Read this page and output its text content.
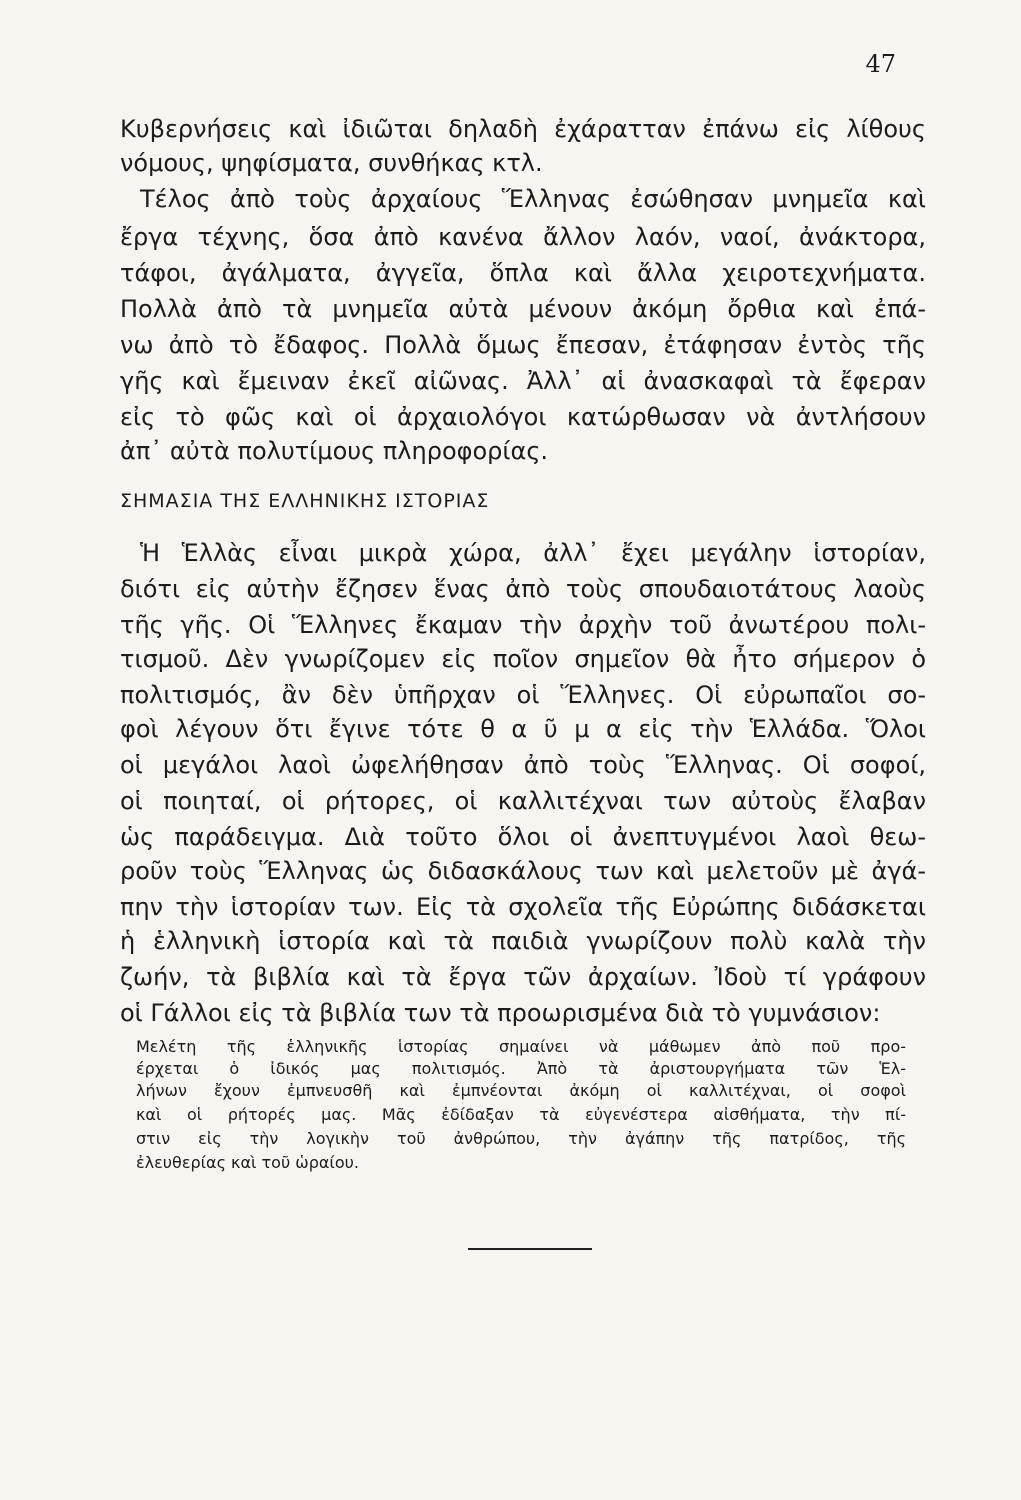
47
Κυβερνήσεις καὶ ἰδιῶται δηλαδὴ ἐχάρατταν ἐπάνω εἰς λίθους
νόμους, ψηφίσματα, συνθήκας κτλ.
Τέλος ἀπὸ τοὺς ἀρχαίους Ἕλληνας ἐσώθησαν μνημεῖα καὶ
ἔργα τέχνης, ὅσα ἀπὸ κανένα ἄλλον λαόν, ναοί, ἀνάκτορα,
τάφοι, ἀγάλματα, ἀγγεῖα, ὅπλα καὶ ἄλλα χειροτεχνήματα.
Πολλὰ ἀπὸ τὰ μνημεῖα αὐτὰ μένουν ἀκόμη ὄρθια καὶ ἐπά-
νω ἀπὸ τὸ ἔδαφος. Πολλὰ ὅμως ἔπεσαν, ἐτάφησαν ἐντὸς τῆς
γῆς καὶ ἔμειναν ἐκεῖ αἰῶνας. Ἀλλ᾿ αἱ ἀνασκαφαὶ τὰ ἔφεραν
εἰς τὸ φῶς καὶ οἱ ἀρχαιολόγοι κατώρθωσαν νὰ ἀντλήσουν
ἀπ᾿ αὐτὰ πολυτίμους πληροφορίας.
ΣΗΜΑΣΙΑ ΤΗΣ ΕΛΛΗΝΙΚΗΣ ΙΣΤΟΡΙΑΣ
Ἡ Ἑλλὰς εἶναι μικρὰ χώρα, ἀλλ᾿ ἔχει μεγάλην ἱστορίαν,
διότι εἰς αὐτὴν ἔζησεν ἕνας ἀπὸ τοὺς σπουδαιοτάτους λαοὺς
τῆς γῆς. Οἱ Ἕλληνες ἔκαμαν τὴν ἀρχὴν τοῦ ἀνωτέρου πολι-
τισμοῦ. Δὲν γνωρίζομεν εἰς ποῖον σημεῖον θὰ ἦτο σήμερον ὁ
πολιτισμός, ἂν δὲν ὑπῆρχαν οἱ Ἕλληνες. Οἱ εὐρωπαῖοι σο-
φοὶ λέγουν ὅτι ἔγινε τότε θ α ῦ μ α εἰς τὴν Ἑλλάδα. Ὅλοι
οἱ μεγάλοι λαοὶ ὠφελήθησαν ἀπὸ τοὺς Ἕλληνας. Οἱ σοφοί,
οἱ ποιηταί, οἱ ρήτορες, οἱ καλλιτέχναι των αὐτοὺς ἔλαβαν
ὡς παράδειγμα. Διὰ τοῦτο ὅλοι οἱ ἀνεπτυγμένοι λαοὶ θεω-
ροῦν τοὺς Ἕλληνας ὡς διδασκάλους των καὶ μελετοῦν μὲ ἀγά-
πην τὴν ἱστορίαν των. Εἰς τὰ σχολεῖα τῆς Εὐρώπης διδάσκεται
ἡ ἑλληνικὴ ἱστορία καὶ τὰ παιδιὰ γνωρίζουν πολὺ καλὰ τὴν
ζωήν, τὰ βιβλία καὶ τὰ ἔργα τῶν ἀρχαίων. Ἰδοὺ τί γράφουν
οἱ Γάλλοι εἰς τὰ βιβλία των τὰ προωρισμένα διὰ τὸ γυμνάσιον:
Μελέτη τῆς ἑλληνικῆς ἱστορίας σημαίνει νὰ μάθωμεν ἀπὸ ποῦ προ-
έρχεται ὁ ἰδικός μας πολιτισμός. Ἀπὸ τὰ ἀριστουργήματα τῶν Ἑλ-
λήνων ἔχουν ἐμπνευσθῆ καὶ ἐμπνέονται ἀκόμη οἱ καλλιτέχναι, οἱ σοφοὶ
καὶ οἱ ρήτορές μας. Μᾶς ἐδίδαξαν τὰ εὐγενέστερα αἰσθήματα, τὴν πί-
στιν εἰς τὴν λογικὴν τοῦ ἀνθρώπου, τὴν ἀγάπην τῆς πατρίδος, τῆς
ἐλευθερίας καὶ τοῦ ὡραίου.
